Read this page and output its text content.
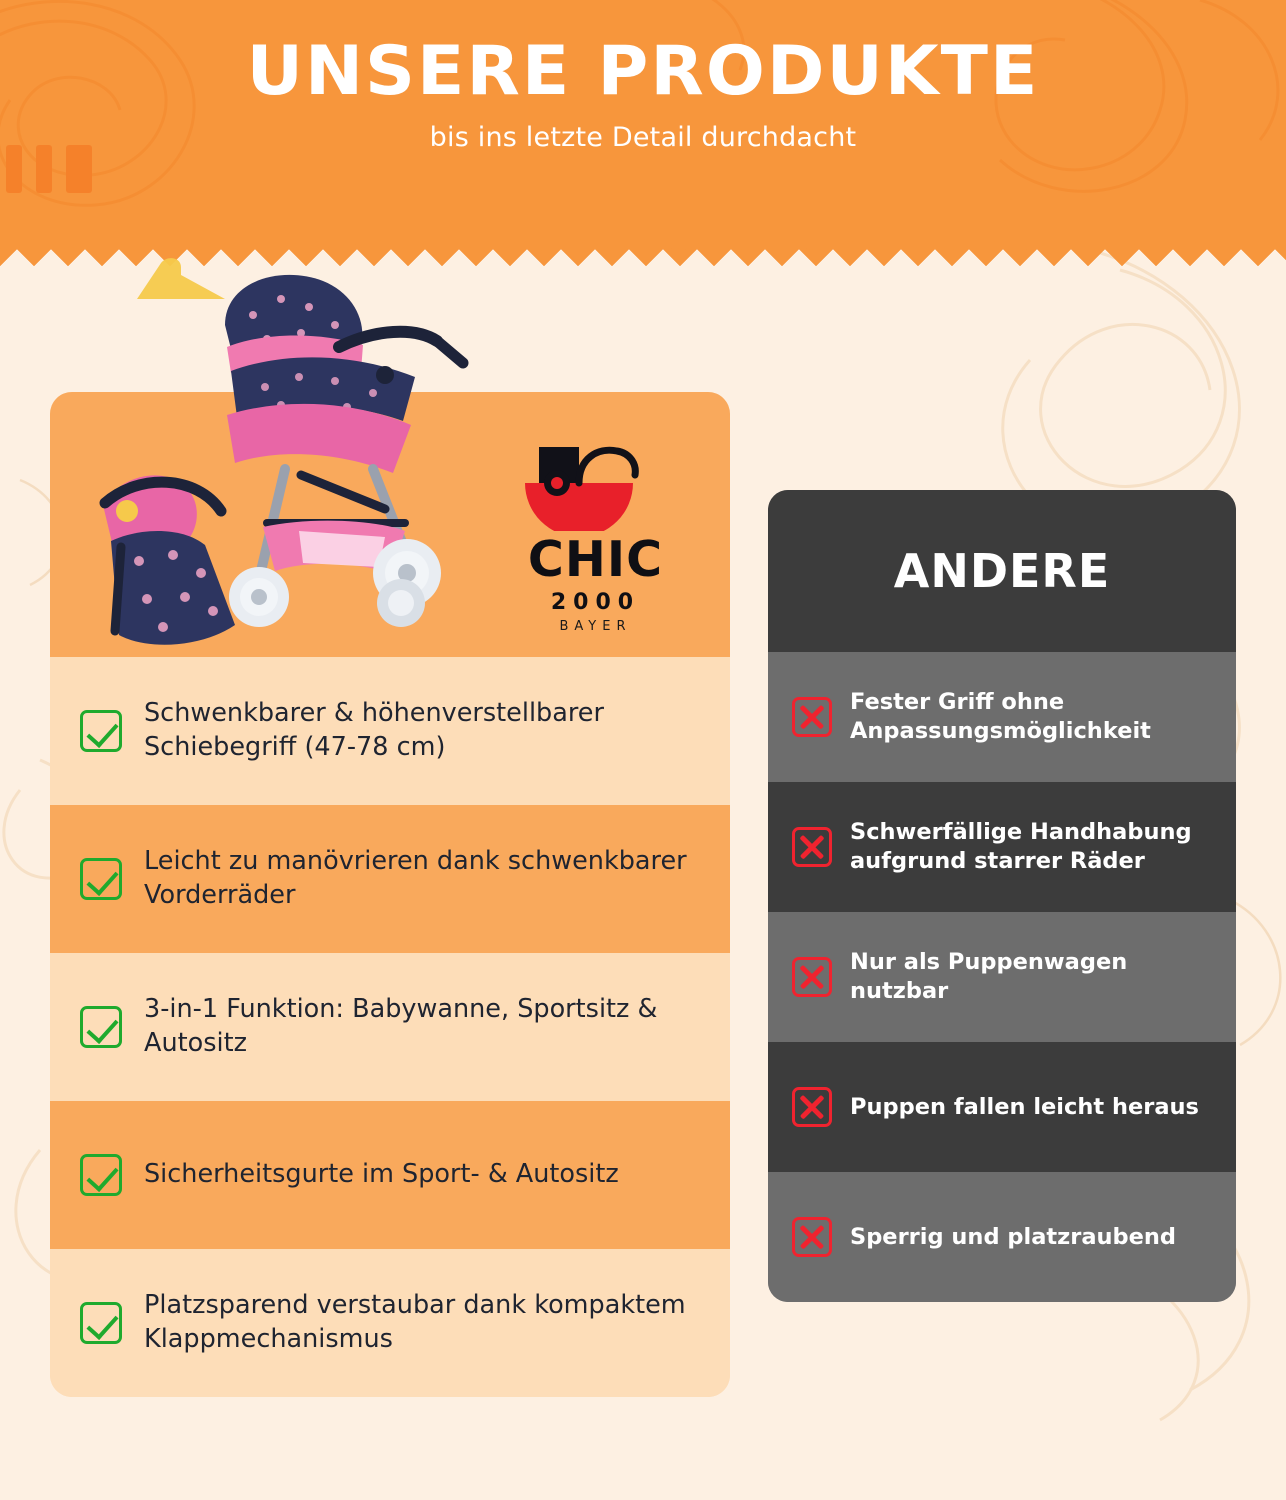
UNSERE PRODUKTE
bis ins letzte Detail durchdacht
CHIC
2000
BAYER
Schwenkbarer & höhenverstellbarer Schiebegriff (47-78 cm)
Leicht zu manövrieren dank schwenkbarer Vorderräder
3-in-1 Funktion: Babywanne, Sportsitz & Autositz
Sicherheitsgurte im Sport- & Autositz
Platzsparend verstaubar dank kompaktem Klappmechanismus
ANDERE
Fester Griff ohne Anpassungsmöglichkeit
Schwerfällige Handhabung aufgrund starrer Räder
Nur als Puppenwagen nutzbar
Puppen fallen leicht heraus
Sperrig und platzraubend
